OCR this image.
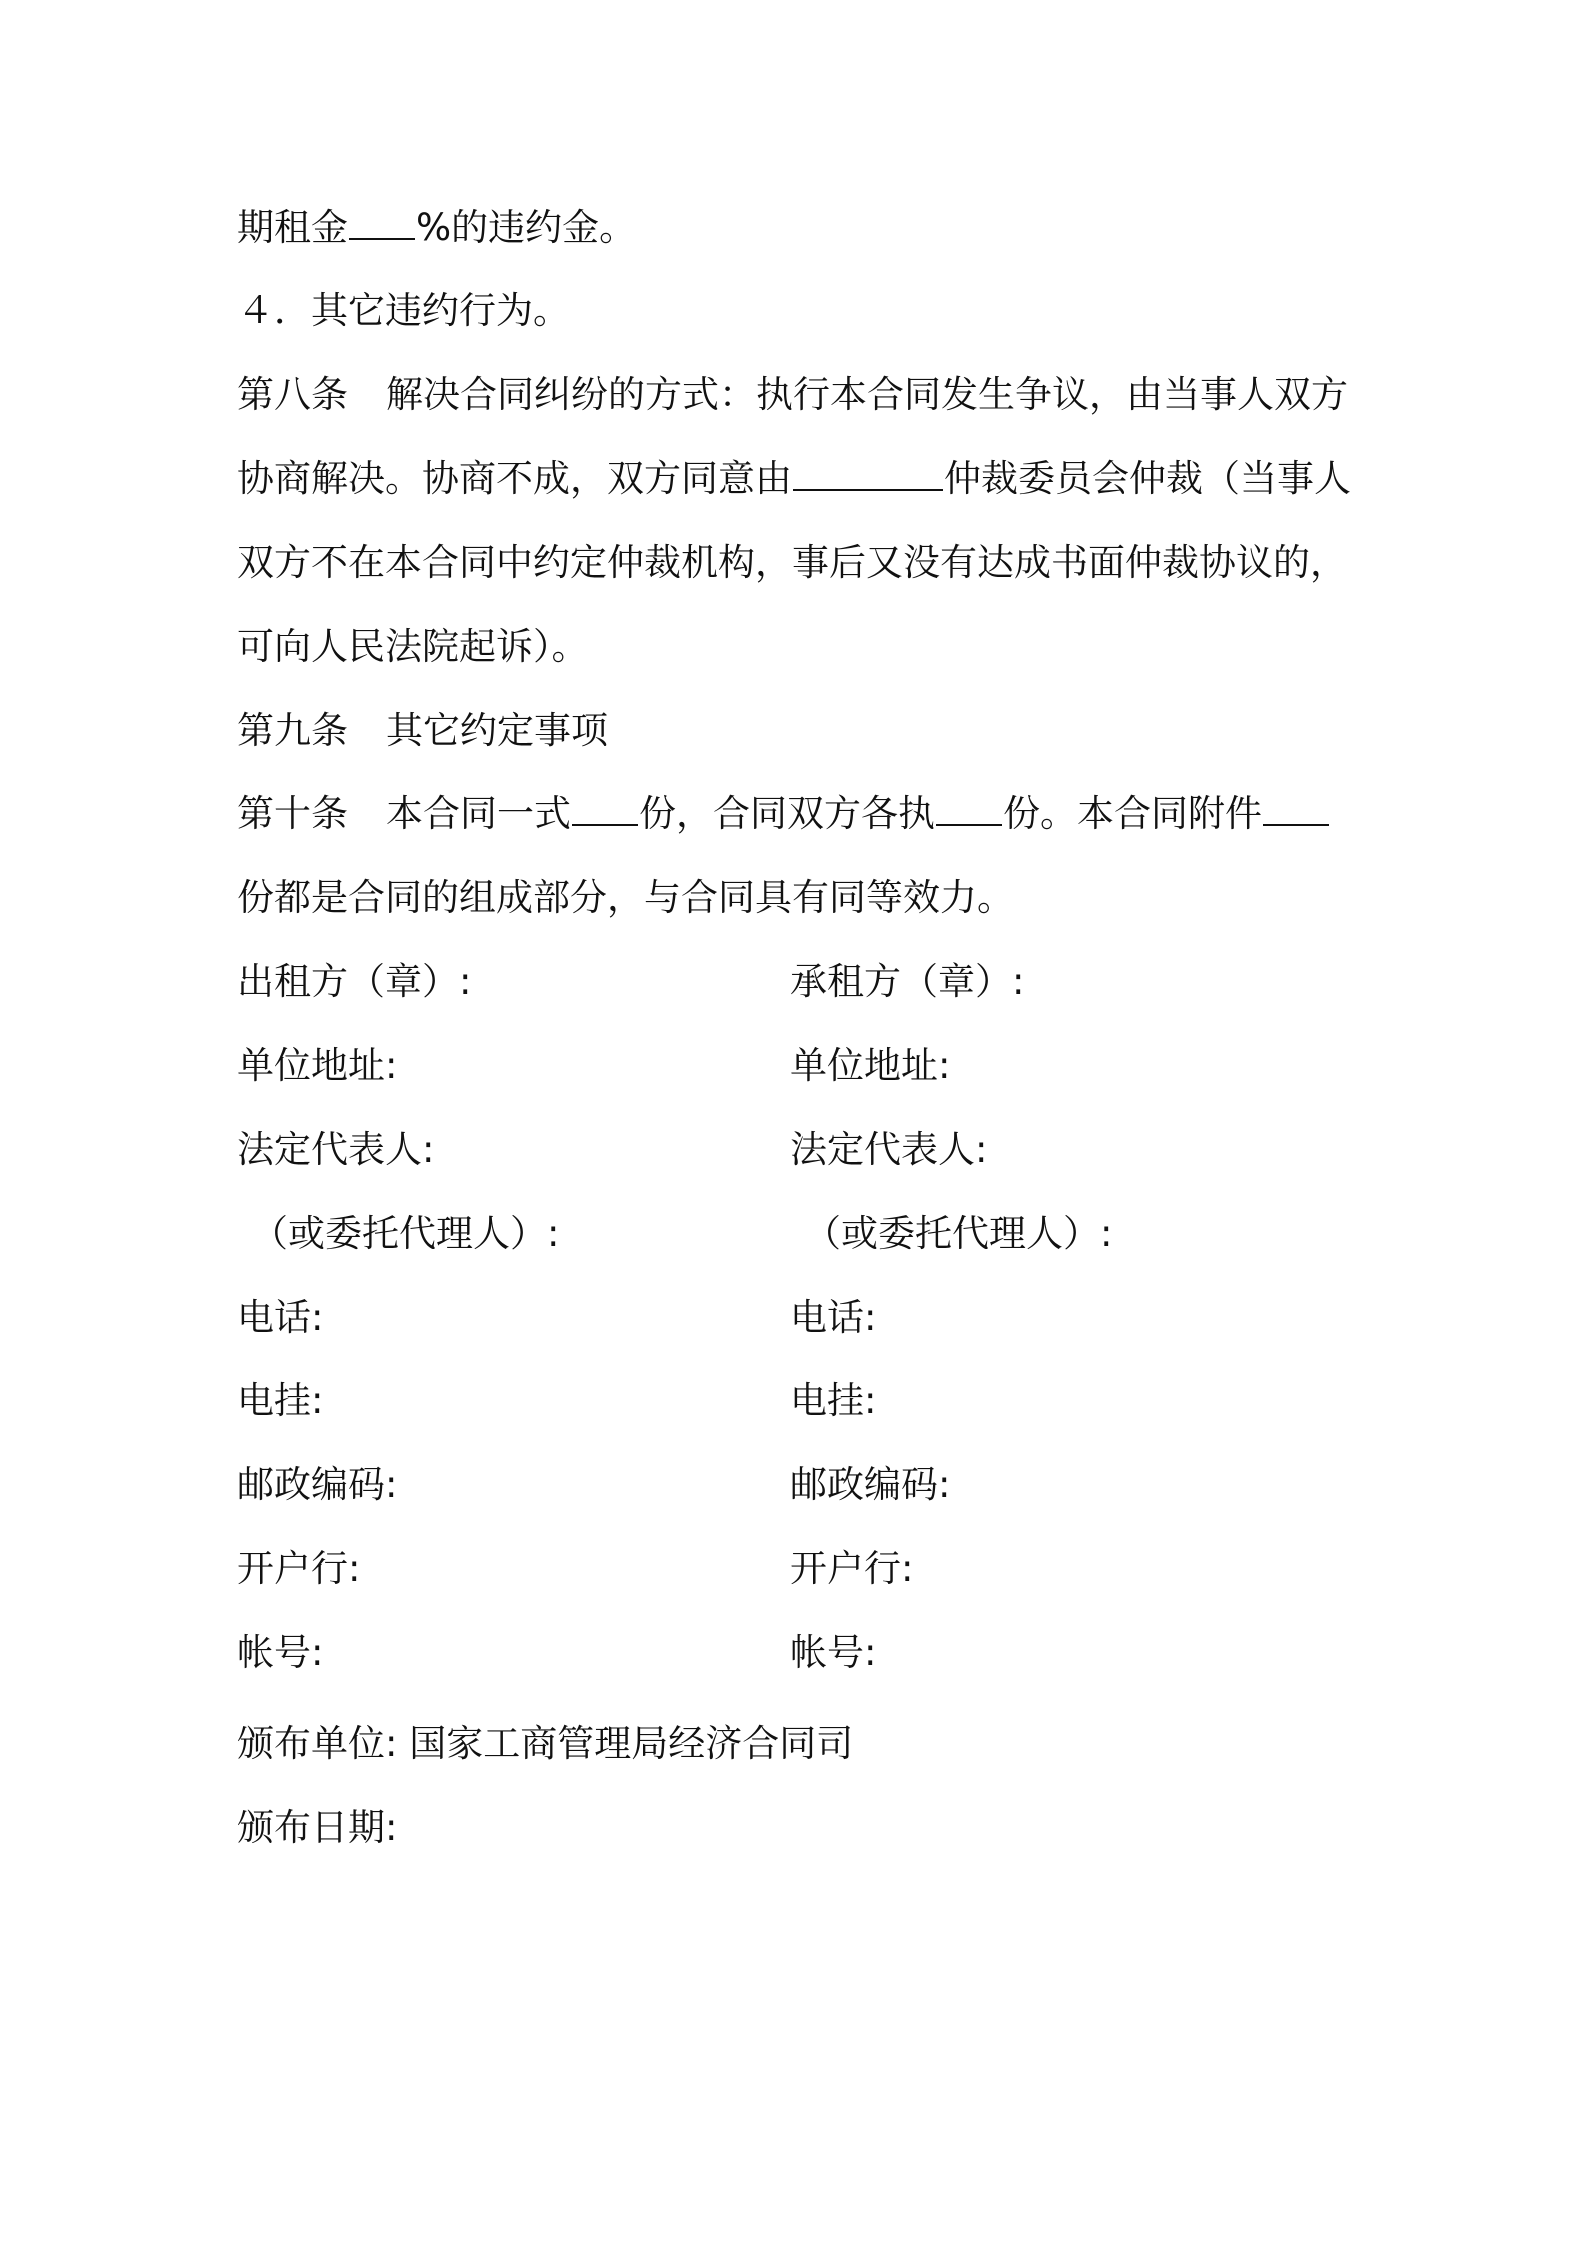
期租金 %的违约金。
４．其它违约行为。
第八条 解决合同纠纷的方式：执行本合同发生争议，由当事人双方
协商解决。协商不成，双方同意由	仲裁委员会仲裁（当事人
双方不在本合同中约定仲裁机构，事后又没有达成书面仲裁协议的，
可向人民法院起诉）。
第九条 其它约定事项
第十条 本合同一式 份，合同双方各执 份。本合同附件
份都是合同的组成部分，与合同具有同等效力。
出租方（章）:
单位地址:
法定代表人:
（或委托代理人）:
电话:
电挂:
邮政编码:
开户行:
帐号:
承租方（章）:
单位地址:
法定代表人:
（或委托代理人）:
电话:
电挂:
邮政编码:
开户行:
帐号:
颁布单位: 国家工商管理局经济合同司
颁布日期:
